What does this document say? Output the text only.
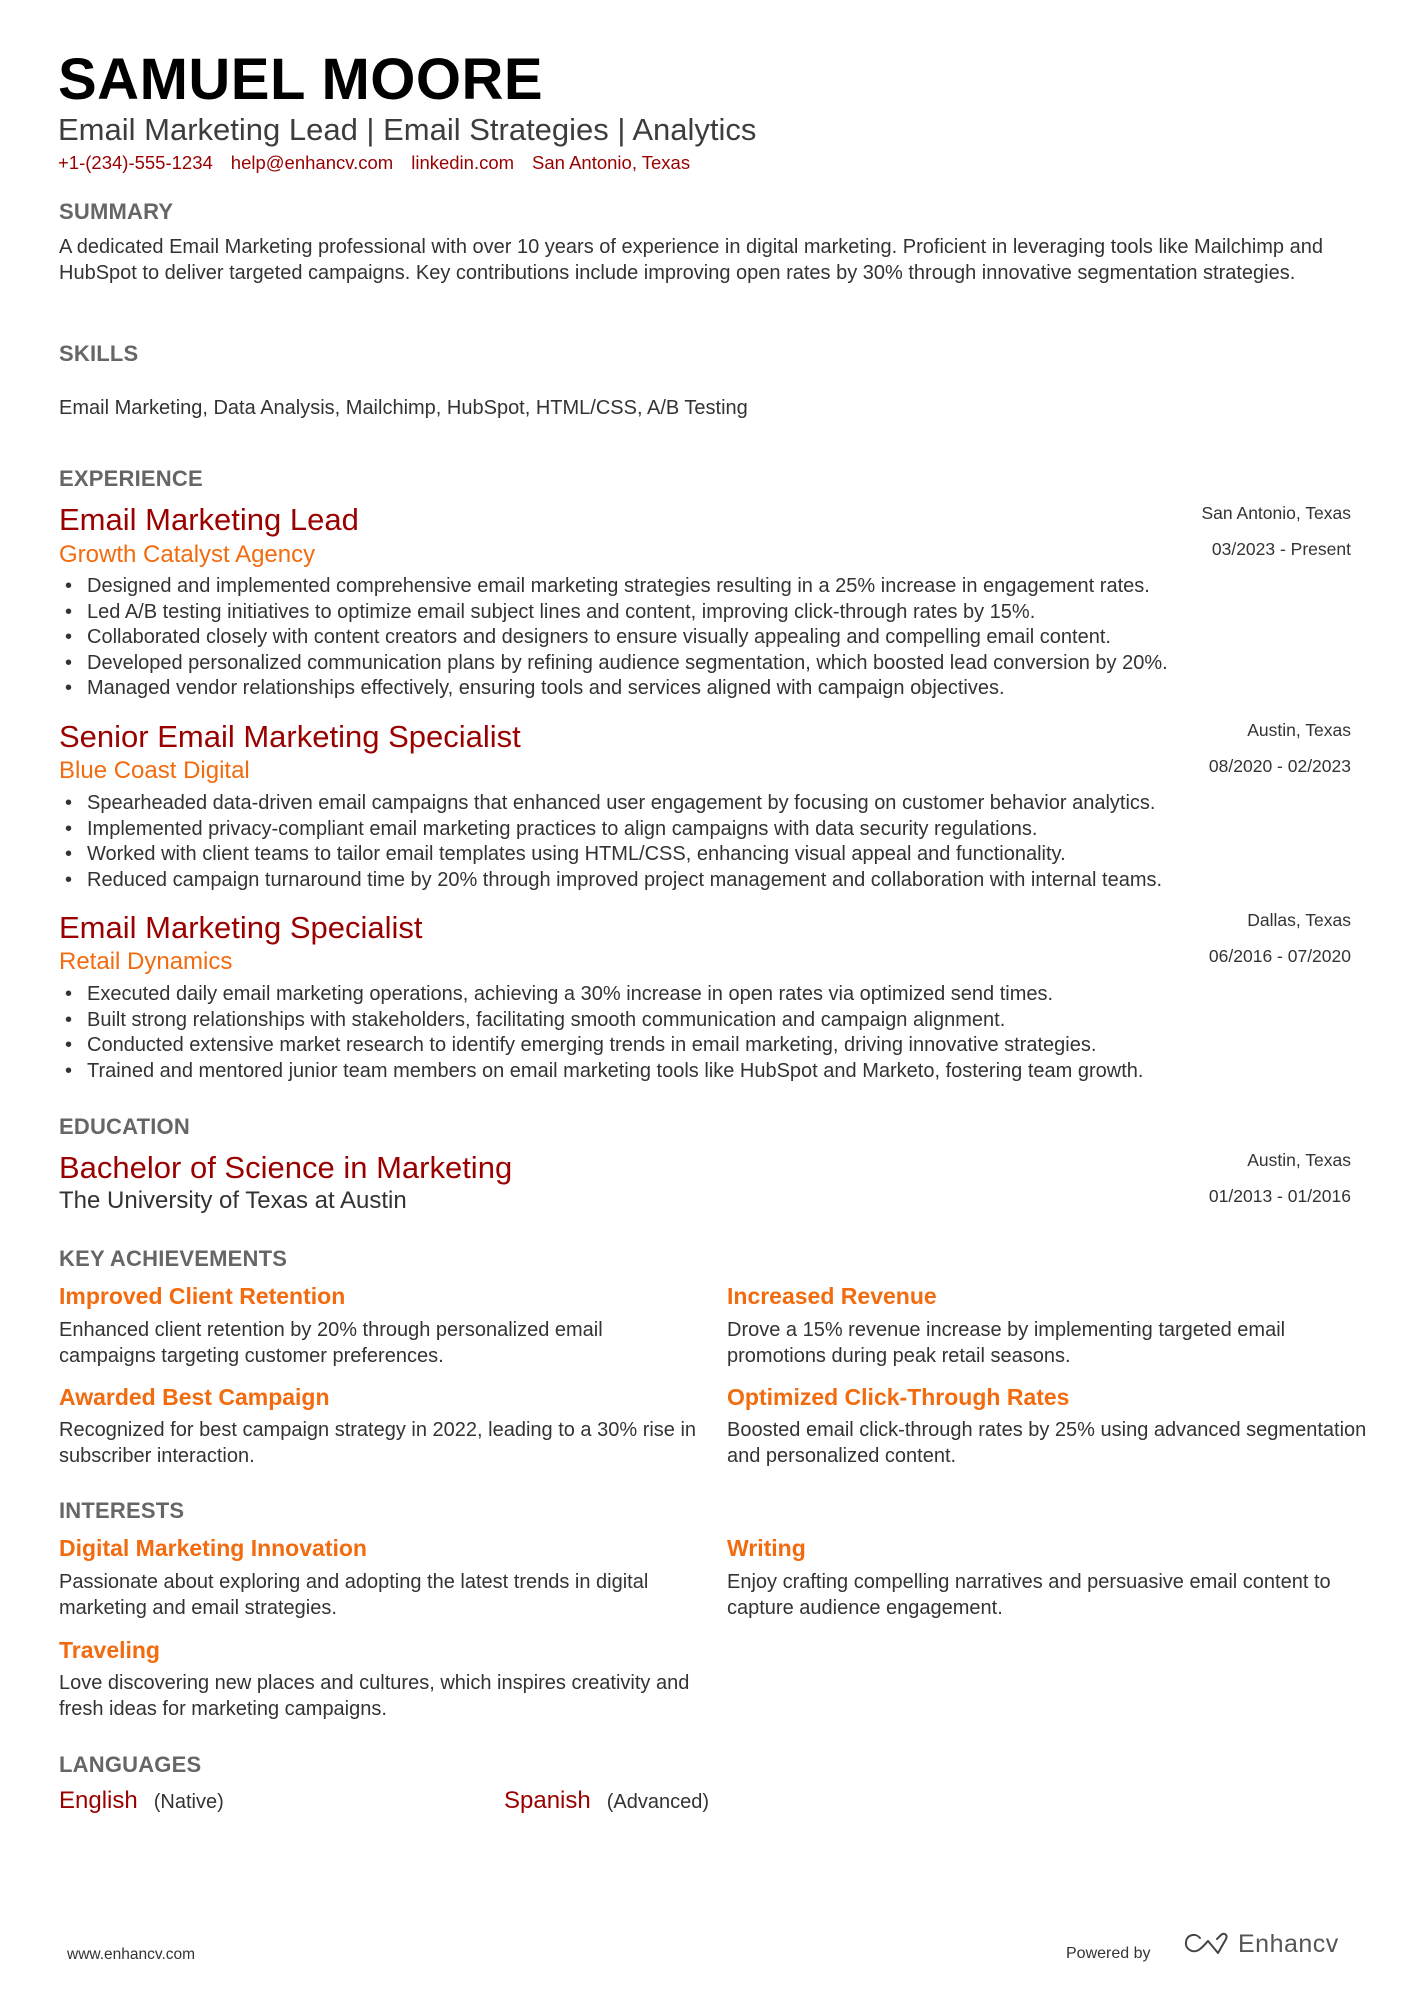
SAMUEL MOORE
Email Marketing Lead | Email Strategies | Analytics
+1-(234)-555-1234 help@enhancv.com linkedin.com San Antonio, Texas
SUMMARY
A dedicated Email Marketing professional with over 10 years of experience in digital marketing. Proficient in leveraging tools like Mailchimp and HubSpot to deliver targeted campaigns. Key contributions include improving open rates by 30% through innovative segmentation strategies.
SKILLS
Email Marketing, Data Analysis, Mailchimp, HubSpot, HTML/CSS, A/B Testing
EXPERIENCE
Email Marketing Lead
Growth Catalyst Agency
San Antonio, Texas
03/2023 - Present
• Designed and implemented comprehensive email marketing strategies resulting in a 25% increase in engagement rates.
• Led A/B testing initiatives to optimize email subject lines and content, improving click-through rates by 15%.
• Collaborated closely with content creators and designers to ensure visually appealing and compelling email content.
• Developed personalized communication plans by refining audience segmentation, which boosted lead conversion by 20%.
• Managed vendor relationships effectively, ensuring tools and services aligned with campaign objectives.
Senior Email Marketing Specialist
Blue Coast Digital
Austin, Texas
08/2020 - 02/2023
• Spearheaded data-driven email campaigns that enhanced user engagement by focusing on customer behavior analytics.
• Implemented privacy-compliant email marketing practices to align campaigns with data security regulations.
• Worked with client teams to tailor email templates using HTML/CSS, enhancing visual appeal and functionality.
• Reduced campaign turnaround time by 20% through improved project management and collaboration with internal teams.
Email Marketing Specialist
Retail Dynamics
Dallas, Texas
06/2016 - 07/2020
• Executed daily email marketing operations, achieving a 30% increase in open rates via optimized send times.
• Built strong relationships with stakeholders, facilitating smooth communication and campaign alignment.
• Conducted extensive market research to identify emerging trends in email marketing, driving innovative strategies.
• Trained and mentored junior team members on email marketing tools like HubSpot and Marketo, fostering team growth.
EDUCATION
Bachelor of Science in Marketing
The University of Texas at Austin
Austin, Texas
01/2013 - 01/2016
KEY ACHIEVEMENTS
Improved Client Retention
Enhanced client retention by 20% through personalized email campaigns targeting customer preferences.
Increased Revenue
Drove a 15% revenue increase by implementing targeted email promotions during peak retail seasons.
Awarded Best Campaign
Recognized for best campaign strategy in 2022, leading to a 30% rise in subscriber interaction.
Optimized Click-Through Rates
Boosted email click-through rates by 25% using advanced segmentation and personalized content.
INTERESTS
Digital Marketing Innovation
Passionate about exploring and adopting the latest trends in digital marketing and email strategies.
Writing
Enjoy crafting compelling narratives and persuasive email content to capture audience engagement.
Traveling
Love discovering new places and cultures, which inspires creativity and fresh ideas for marketing campaigns.
LANGUAGES
English (Native)	Spanish (Advanced)
www.enhancv.com	Powered by	Enhancv
